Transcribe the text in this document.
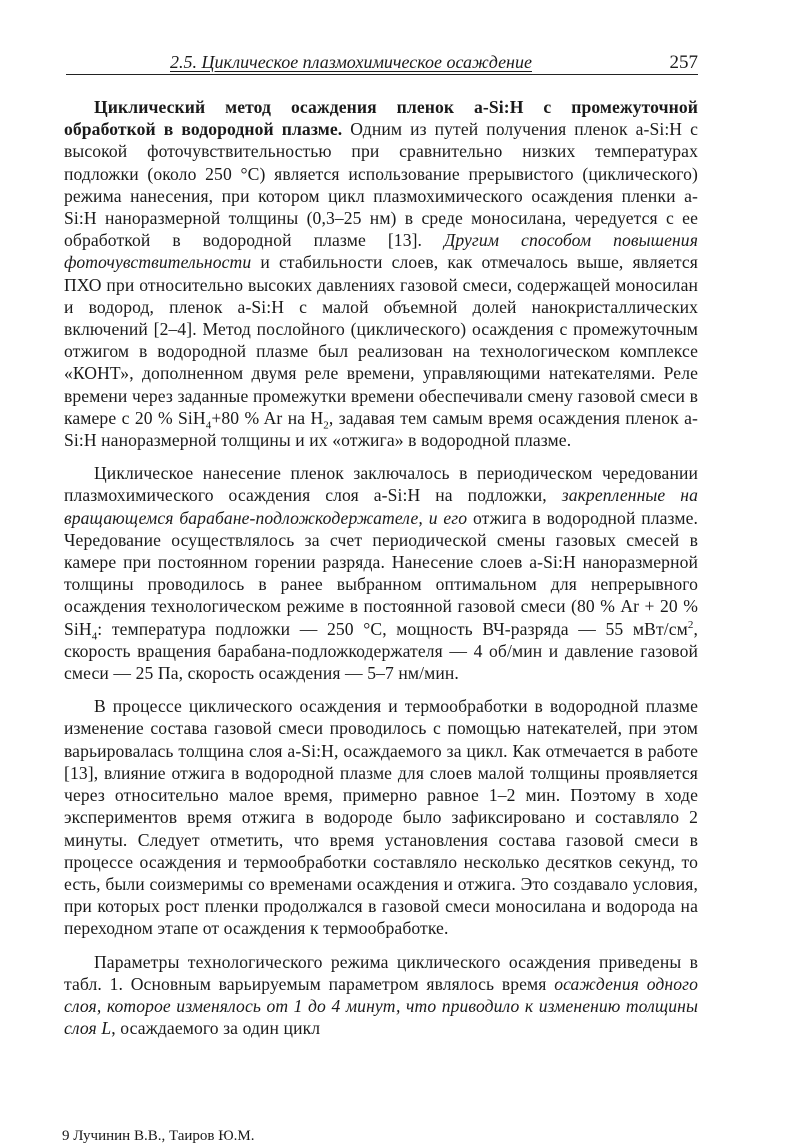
2.5. Циклическое плазмохимическое осаждение	257

Циклический метод осаждения пленок a-Si:H с промежуточной обработкой в водородной плазме. Одним из путей получения пленок a-Si:H с высокой фоточувствительностью при сравнительно низких температурах подложки (около 250 °C) является использование прерывистого (циклического) режима нанесения, при котором цикл плазмохимического осаждения пленки a-Si:H наноразмерной толщины (0,3–25 нм) в среде моносилана, чередуется с ее обработкой в водородной плазме [13]. Другим способом повышения фоточувствительности и стабильности слоев, как отмечалось выше, является ПХО при относительно высоких давлениях газовой смеси, содержащей моносилан и водород, пленок a-Si:H с малой объемной долей нанокристаллических включений [2–4]. Метод послойного (циклического) осаждения с промежуточным отжигом в водородной плазме был реализован на технологическом комплексе «КОНТ», дополненном двумя реле времени, управляющими натекателями. Реле времени через заданные промежутки времени обеспечивали смену газовой смеси в камере с 20 % SiH$_4$+80 % Ar на $H_2$, задавая тем самым время осаждения пленок a-Si:H наноразмерной толщины и их «отжига» в водородной плазме.

Циклическое нанесение пленок заключалось в периодическом чередовании плазмохимического осаждения слоя a-Si:H на подложки, закрепленные на вращающемся барабане-подложкодержателе, и его отжига в водородной плазме. Чередование осуществлялось за счет периодической смены газовых смесей в камере при постоянном горении разряда. Нанесение слоев a-Si:H наноразмерной толщины проводилось в ранее выбранном оптимальном для непрерывного осаждения технологическом режиме в постоянной газовой смеси (80 % Ar + 20 % SiH$_4$: температура подложки — 250 °C, мощность ВЧ-разряда — 55 мВт/$см^2$, скорость вращения барабана-подложкодержателя — 4 об/мин и давление газовой смеси — 25 Па, скорость осаждения — 5–7 нм/мин.

В процессе циклического осаждения и термообработки в водородной плазме изменение состава газовой смеси проводилось с помощью натекателей, при этом варьировалась толщина слоя a-Si:H, осаждаемого за цикл. Как отмечается в работе [13], влияние отжига в водородной плазме для слоев малой толщины проявляется через относительно малое время, примерно равное 1–2 мин. Поэтому в ходе экспериментов время отжига в водороде было зафиксировано и составляло 2 минуты. Следует отметить, что время установления состава газовой смеси в процессе осаждения и термообработки составляло несколько десятков секунд, то есть, были соизмеримы со временами осаждения и отжига. Это создавало условия, при которых рост пленки продолжался в газовой смеси моносилана и водорода на переходном этапе от осаждения к термообработке.

Параметры технологического режима циклического осаждения приведены в табл. 1. Основным варьируемым параметром являлось время осаждения одного слоя, которое изменялось от 1 до 4 минут, что приводило к изменению толщины слоя L, осаждаемого за один цикл

9 Лучинин В.В., Таиров Ю.М.
